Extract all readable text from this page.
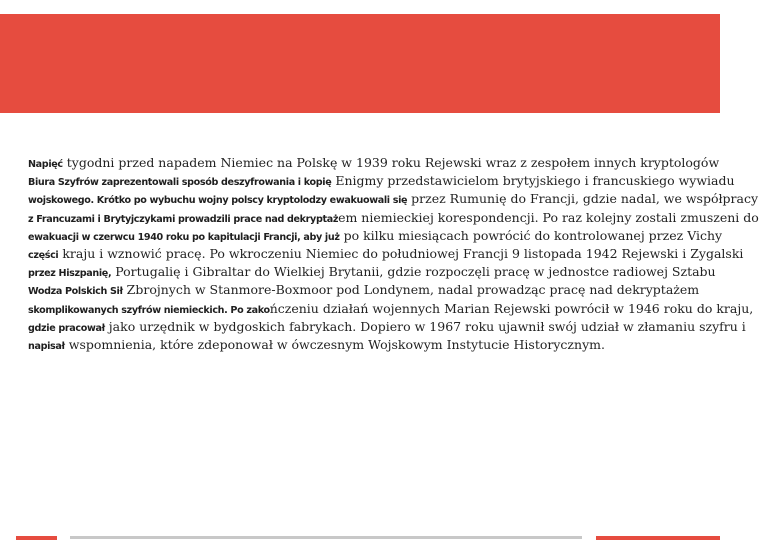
Napięć tygodni przed napadem Niemiec na Polskę w 1939 roku Rejewski wraz z zespołem innych kryptologów
Biura Szyfrów zaprezentowali sposób deszyfrowania i kopię Enigmy przedstawicielom brytyjskiego i francuskiego wywiadu
wojskowego. Krótko po wybuchu wojny polscy kryptolodzy ewakuowali się przez Rumunię do Francji, gdzie nadal, we współpracy
z Francuzami i Brytyjczykami prowadzili prace nad dekryptażem niemieckiej korespondencji. Po raz kolejny zostali zmuszeni do
ewakuacji w czerwcu 1940 roku po kapitulacji Francji, aby już po kilku miesiącach powrócić do kontrolowanej przez Vichy
części kraju i wznowić pracę. Po wkroczeniu Niemiec do południowej Francji 9 listopada 1942 Rejewski i Zygalski
przez Hiszpanię, Portugalię i Gibraltar do Wielkiej Brytanii, gdzie rozpoczęli pracę w jednostce radiowej Sztabu
Wodza Polskich Sił Zbrojnych w Stanmore-Boxmoor pod Londynem, nadal prowadząc pracę nad dekryptażem
skomplikowanych szyfrów niemieckich. Po zakończeniu działań wojennych Marian Rejewski powrócił w 1946 roku do kraju,
gdzie pracował jako urzędnik w bydgoskich fabrykach. Dopiero w 1967 roku ujawnił swój udział w złamaniu szyfru i
napisał wspomnienia, które zdeponował w ówczesnym Wojskowym Instytucie Historycznym.
